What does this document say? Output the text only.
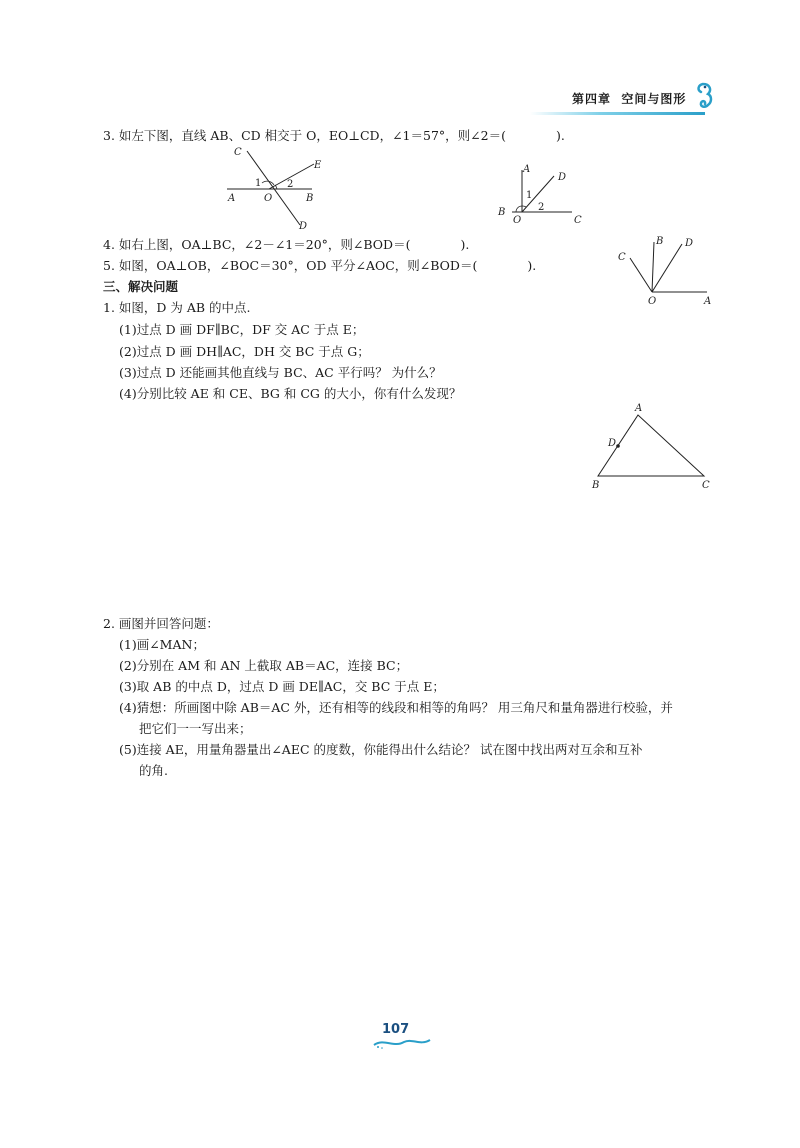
第四章 空间与图形
3. 如左下图，直线 AB、CD 相交于 O，EO⊥CD，∠1＝57°，则∠2＝(　　　　).
C
E
1	2
A	O	B
D
A
D
1
2
B
O	C
4. 如右上图，OA⊥BC，∠2－∠1＝20°，则∠BOD＝(　　　　).
5. 如图，OA⊥OB，∠BOC＝30°，OD 平分∠AOC，则∠BOD＝(　　　　).
B D
C
O	A
三、解决问题
1. 如图，D 为 AB 的中点.
(1)过点 D 画 DF∥BC，DF 交 AC 于点 E；
(2)过点 D 画 DH∥AC，DH 交 BC 于点 G；
(3)过点 D 还能画其他直线与 BC、AC 平行吗？ 为什么？
(4)分别比较 AE 和 CE、BG 和 CG 的大小，你有什么发现？
A
D
B	C
2. 画图并回答问题：
(1)画∠MAN；
(2)分别在 AM 和 AN 上截取 AB＝AC，连接 BC；
(3)取 AB 的中点 D，过点 D 画 DE∥AC，交 BC 于点 E；
(4)猜想：所画图中除 AB＝AC 外，还有相等的线段和相等的角吗？ 用三角尺和量角器进行校验，并
把它们一一写出来；
(5)连接 AE，用量角器量出∠AEC 的度数，你能得出什么结论？ 试在图中找出两对互余和互补
的角.
107
